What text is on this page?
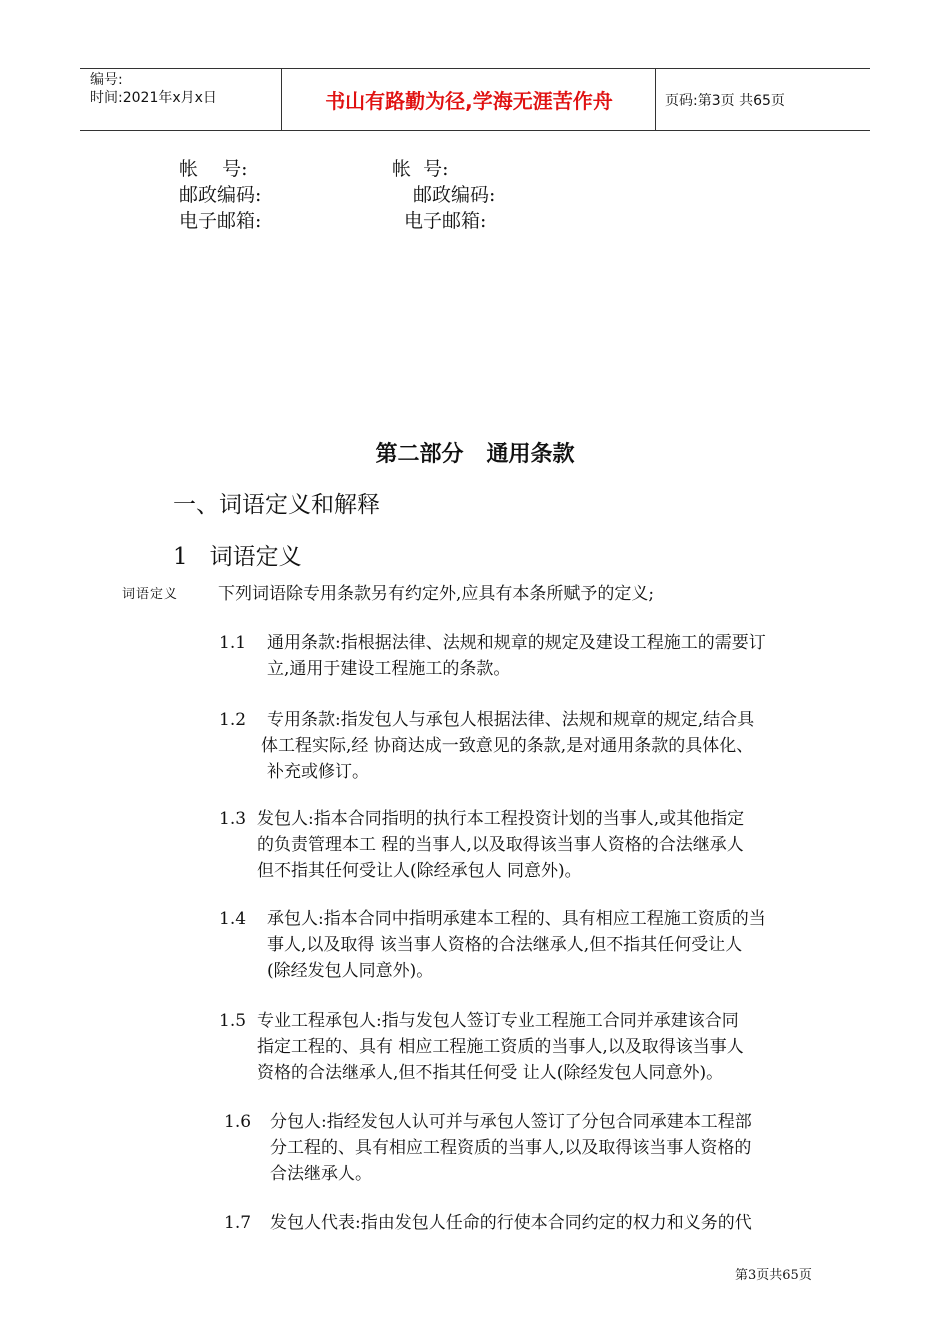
编号:
时间:2021年x月x日	书山有路勤为径,学海无涯苦作舟	页码:第3页 共65页
帐    号:
邮政编码:
电子邮箱:
帐  号:
邮政编码:
电子邮箱:
第二部分   通用条款
一、词语定义和解释
1   词语定义
词语定义 下列词语除专用条款另有约定外,应具有本条所赋予的定义;
1.1	通用条款:指根据法律、法规和规章的规定及建设工程施工的需要订
立,通用于建设工程施工的条款。
1.2	专用条款:指发包人与承包人根据法律、法规和规章的规定,结合具
体工程实际,经 协商达成一致意见的条款,是对通用条款的具体化、
补充或修订。
1.3 发包人:指本合同指明的执行本工程投资计划的当事人,或其他指定
的负责管理本工 程的当事人,以及取得该当事人资格的合法继承人
但不指其任何受让人(除经承包人 同意外)。
1.4	承包人:指本合同中指明承建本工程的、具有相应工程施工资质的当
事人,以及取得 该当事人资格的合法继承人,但不指其任何受让人
(除经发包人同意外)。
1.5 专业工程承包人:指与发包人签订专业工程施工合同并承建该合同
指定工程的、具有 相应工程施工资质的当事人,以及取得该当事人
资格的合法继承人,但不指其任何受 让人(除经发包人同意外)。
1.6	分包人:指经发包人认可并与承包人签订了分包合同承建本工程部
分工程的、具有相应工程资质的当事人,以及取得该当事人资格的
合法继承人。
1.7	发包人代表:指由发包人任命的行使本合同约定的权力和义务的代
第3页共65页
